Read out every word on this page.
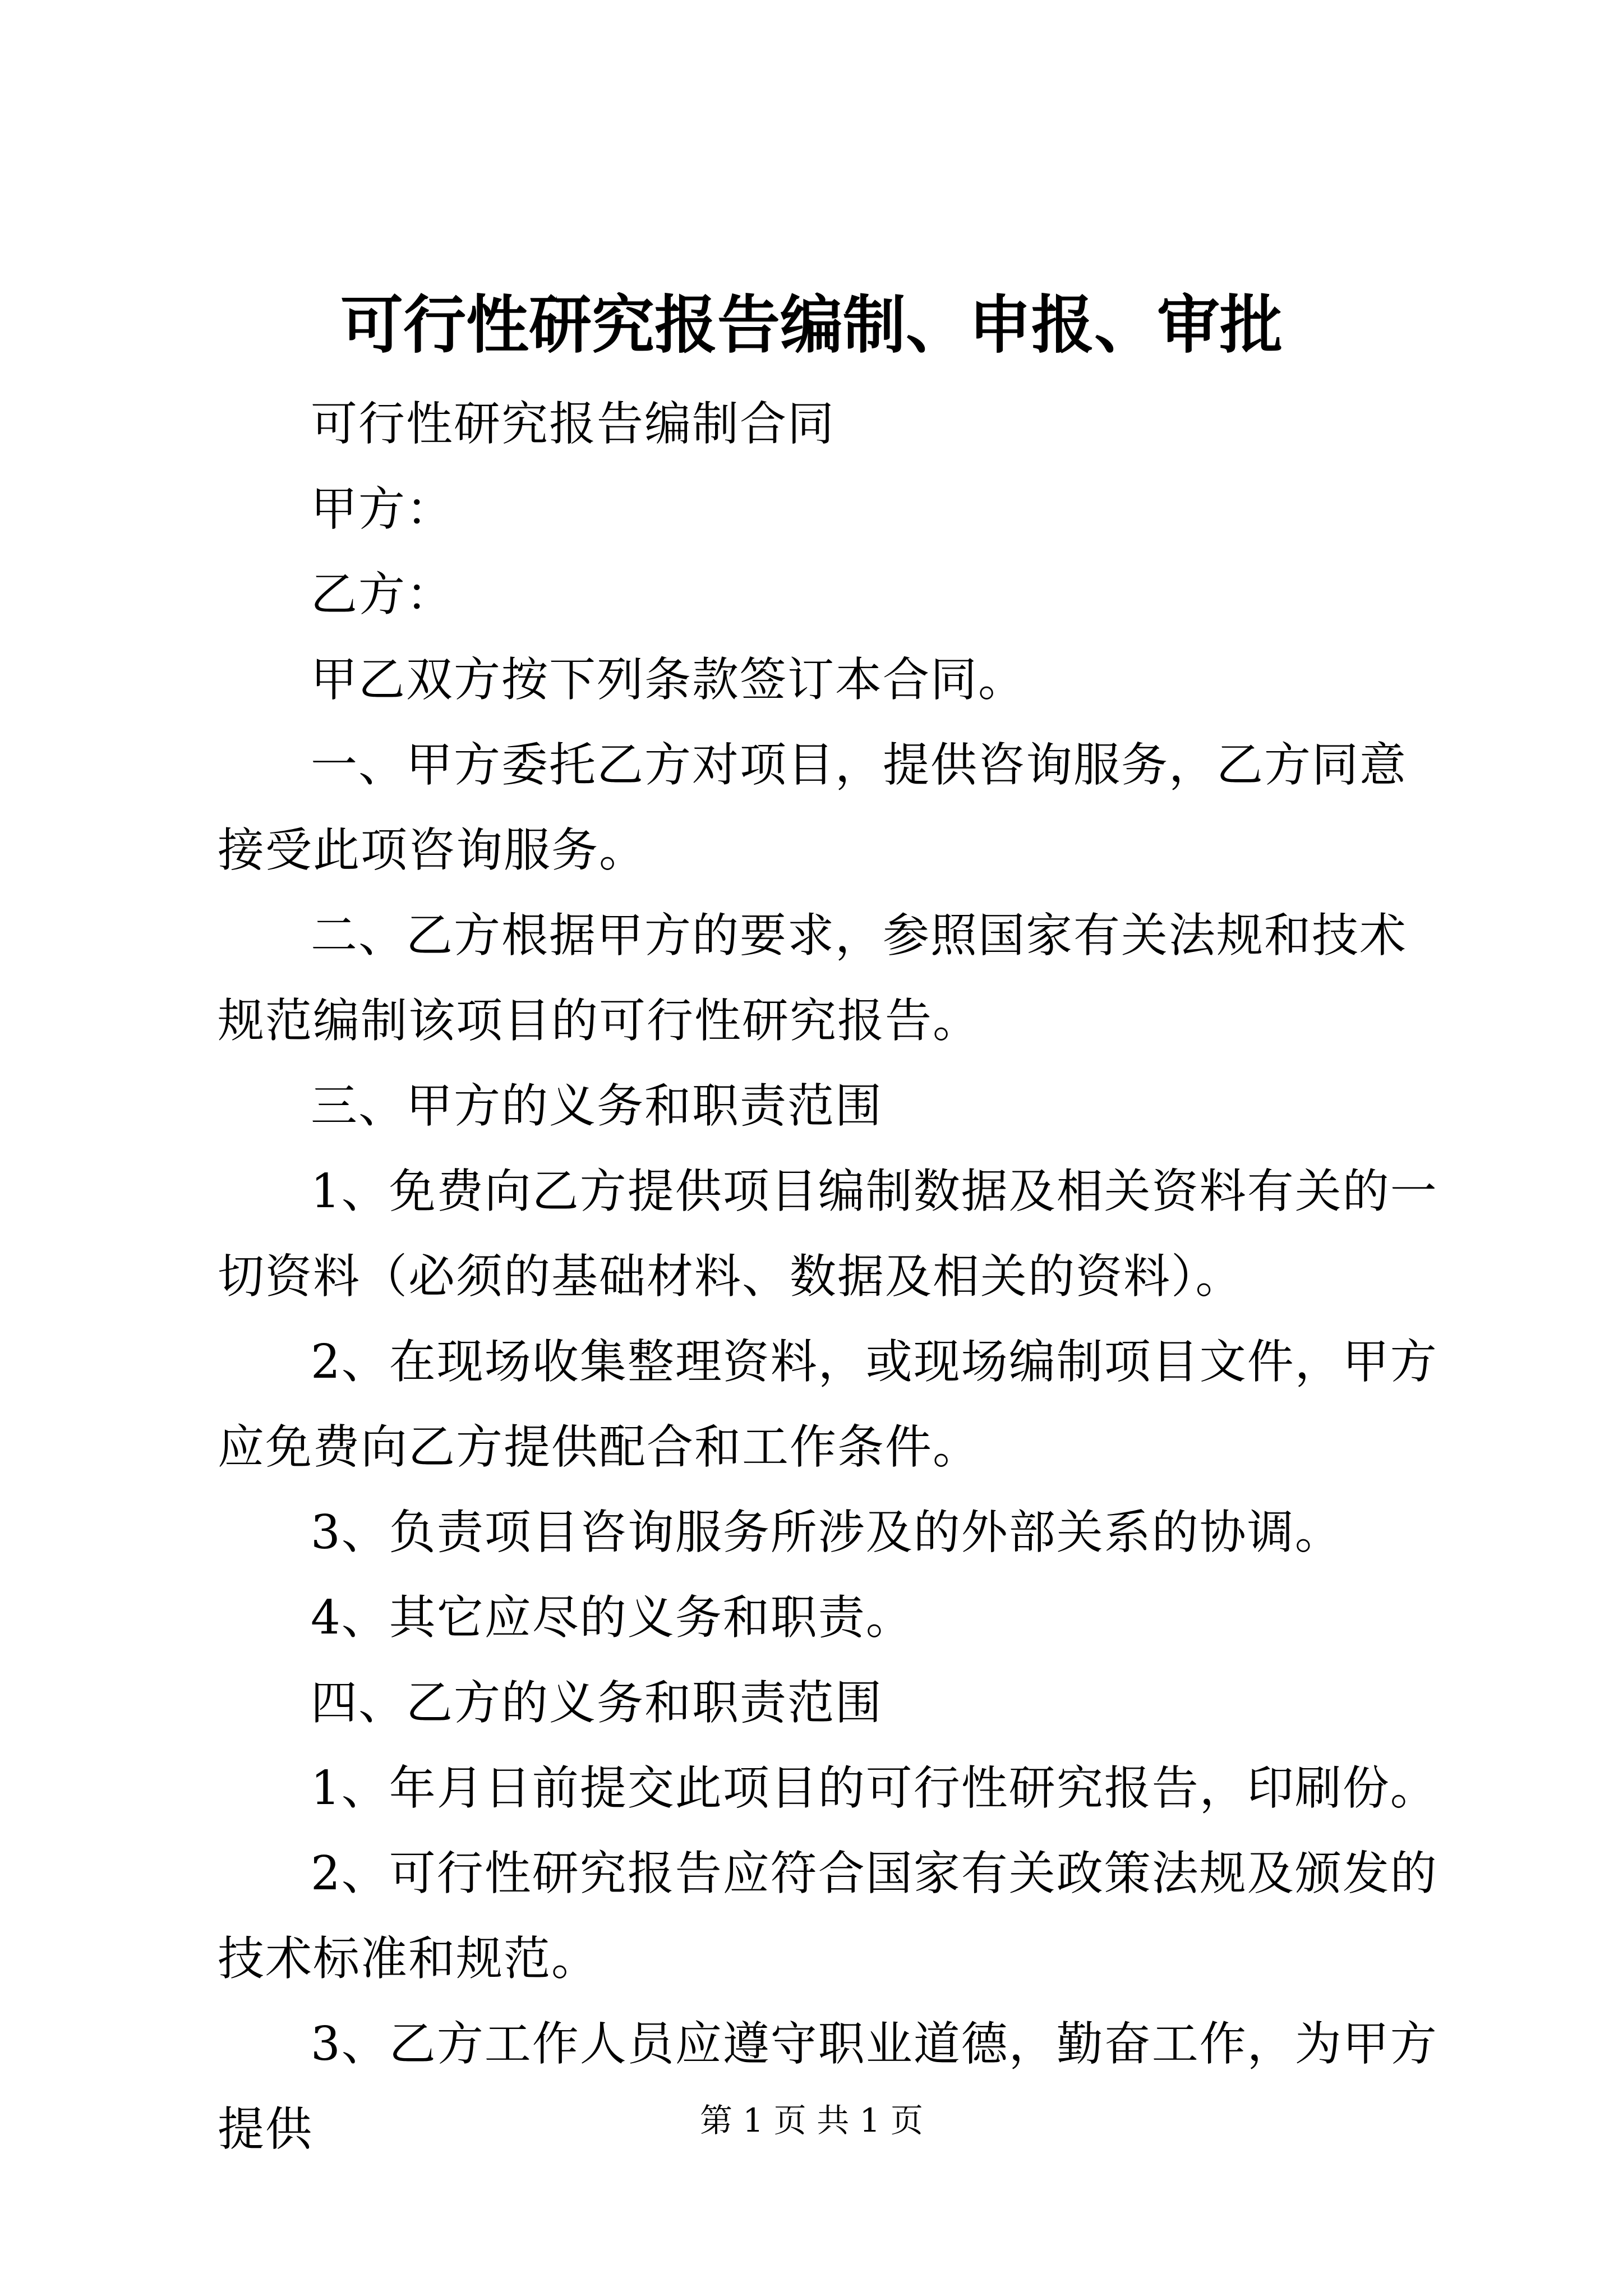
可行性研究报告编制、申报、审批

可行性研究报告编制合同

甲方：

乙方：

甲乙双方按下列条款签订本合同。

一、甲方委托乙方对项目，提供咨询服务，乙方同意接受此项咨询服务。

二、乙方根据甲方的要求，参照国家有关法规和技术规范编制该项目的可行性研究报告。

三、甲方的义务和职责范围

1、免费向乙方提供项目编制数据及相关资料有关的一切资料（必须的基础材料、数据及相关的资料）。

2、在现场收集整理资料，或现场编制项目文件，甲方应免费向乙方提供配合和工作条件。

3、负责项目咨询服务所涉及的外部关系的协调。

4、其它应尽的义务和职责。

四、乙方的义务和职责范围

1、年月日前提交此项目的可行性研究报告，印刷份。

2、可行性研究报告应符合国家有关政策法规及颁发的技术标准和规范。

3、乙方工作人员应遵守职业道德，勤奋工作，为甲方提供	第 1 页 共 1 页
